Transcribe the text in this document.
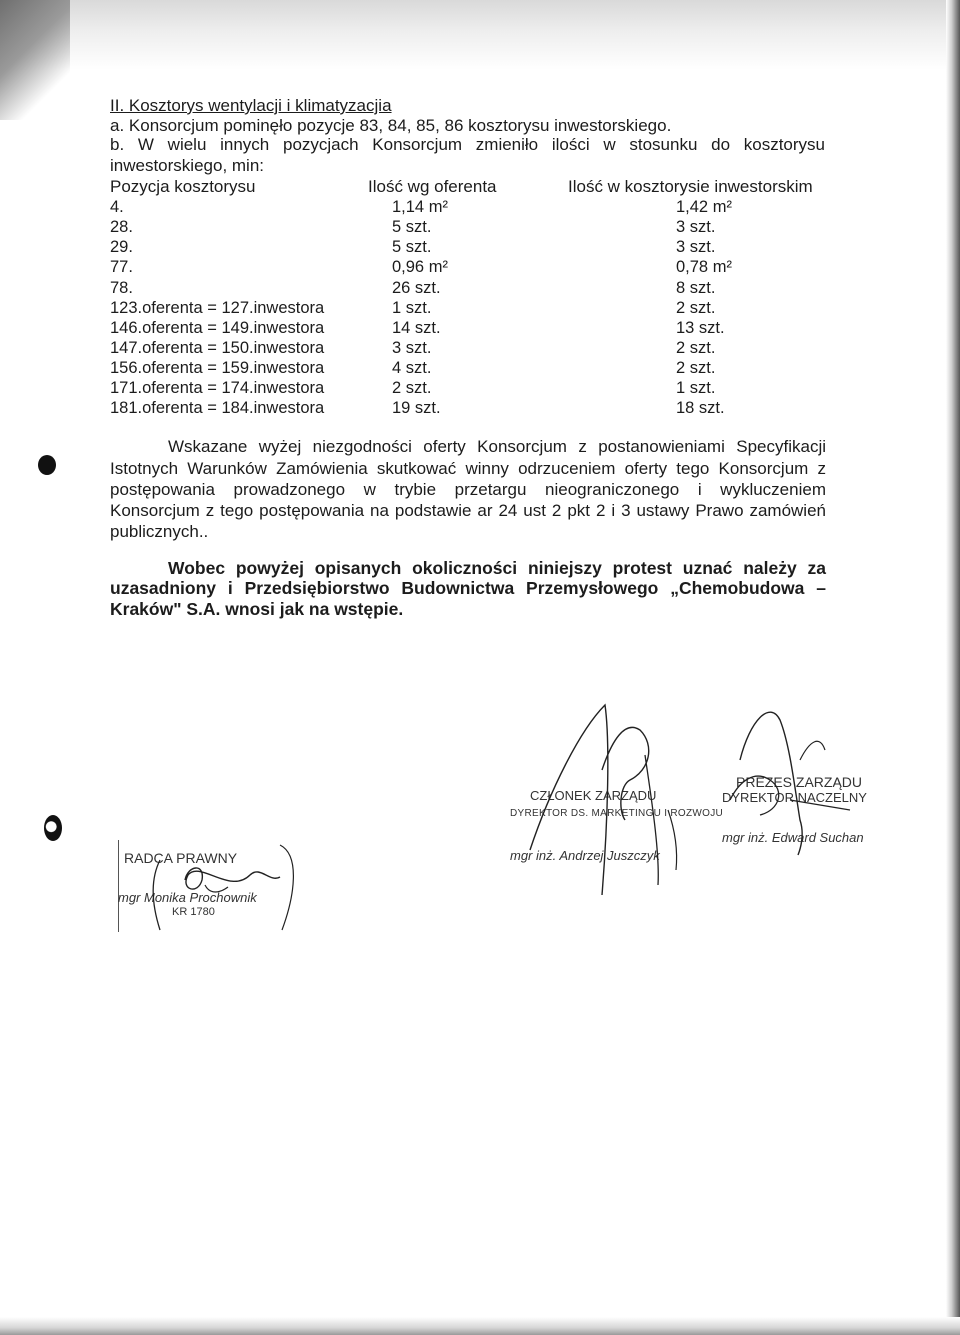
II. Kosztorys wentylacji i klimatyzacjia
a. Konsorcjum pominęło pozycje 83, 84, 85, 86 kosztorysu inwestorskiego.
b. W wielu innych pozycjach Konsorcjum zmieniło ilości w stosunku do kosztorysu
inwestorskiego, min:
Pozycja kosztorysu	Ilość wg oferenta	Ilość w kosztorysie inwestorskim
4.	1,14 m²	1,42 m²
28.	5 szt.	3 szt.
29.	5 szt.	3 szt.
77.	0,96 m²	0,78 m²
78.	26 szt.	8 szt.
123.oferenta = 127.inwestora	1 szt.	2 szt.
146.oferenta = 149.inwestora	14 szt.	13 szt.
147.oferenta = 150.inwestora	3 szt.	2 szt.
156.oferenta = 159.inwestora	4 szt.	2 szt.
171.oferenta = 174.inwestora	2 szt.	1 szt.
181.oferenta = 184.inwestora	19 szt.	18 szt.
Wskazane wyżej niezgodności oferty Konsorcjum z postanowieniami Specyfikacji
Istotnych Warunków Zamówienia skutkować winny odrzuceniem oferty tego Konsorcjum z
postępowania prowadzonego w trybie przetargu nieograniczonego i wykluczeniem
Konsorcjum z tego postępowania na podstawie ar 24 ust 2 pkt 2 i 3 ustawy Prawo zamówień
publicznych..
Wobec powyżej opisanych okoliczności niniejszy protest uznać należy za
uzasadniony i Przedsiębiorstwo Budownictwa Przemysłowego „Chemobudowa –
Kraków" S.A. wnosi jak na wstępie.
RADCA PRAWNY
mgr Monika Prochownik
KR 1780
CZŁONEK ZARZĄDU
DYREKTOR DS. MARKETINGU I ROZWOJU
mgr inż. Andrzej Juszczyk
PREZES ZARZĄDU
DYREKTOR NACZELNY
mgr inż. Edward Suchan
